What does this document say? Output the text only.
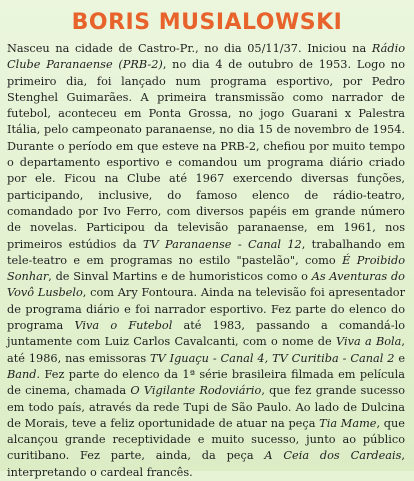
BORIS MUSIALOWSKI

Nasceu na cidade de Castro-Pr., no dia 05/11/37. Iniciou na Rádio Clube Paranaense (PRB-2), no dia 4 de outubro de 1953. Logo no primeiro dia, foi lançado num programa esportivo, por Pedro Stenghel Guimarães. A primeira transmissão como narrador de futebol, aconteceu em Ponta Grossa, no jogo Guarani x Palestra Itália, pelo campeonato paranaense, no dia 15 de novembro de 1954. Durante o período em que esteve na PRB-2, chefiou por muito tempo o departamento esportivo e comandou um programa diário criado por ele. Ficou na Clube até 1967 exercendo diversas funções, participando, inclusive, do famoso elenco de rádio-teatro, comandado por Ivo Ferro, com diversos papéis em grande número de novelas. Participou da televisão paranaense, em 1961, nos primeiros estúdios da TV Paranaense - Canal 12, trabalhando em tele-teatro e em programas no estilo "pastelão", como É Proibido Sonhar, de Sinval Martins e de humoristicos como o As Aventuras do Vovô Lusbelo, com Ary Fontoura. Ainda na televisão foi apresentador de programa diário e foi narrador esportivo. Fez parte do elenco do programa Viva o Futebol até 1983, passando a comandá-lo juntamente com Luiz Carlos Cavalcanti, com o nome de Viva a Bola, até 1986, nas emissoras TV Iguaçu - Canal 4, TV Curitiba - Canal 2 e Band. Fez parte do elenco da 1ª série brasileira filmada em película de cinema, chamada O Vigilante Rodoviário, que fez grande sucesso em todo país, através da rede Tupi de São Paulo. Ao lado de Dulcina de Morais, teve a feliz oportunidade de atuar na peça Tia Mame, que alcançou grande receptividade e muito sucesso, junto ao público curitibano. Fez parte, ainda, da peça A Ceia dos Cardeais, interpretando o cardeal francês.
